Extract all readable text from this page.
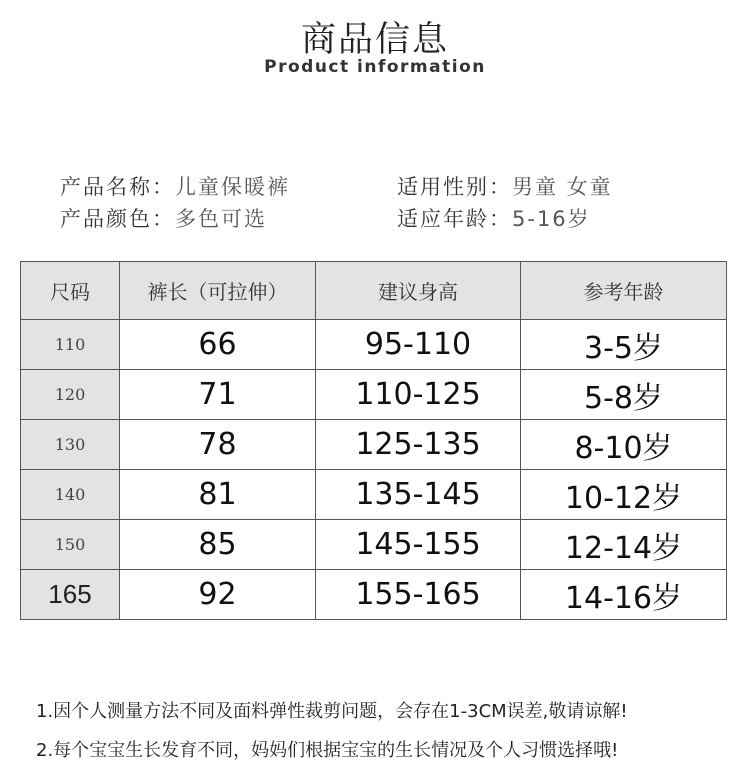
商品信息
Product information
产品名称：儿童保暖裤	适用性别：男童 女童
产品颜色：多色可选	适应年龄：5-16岁
尺码	裤长（可拉伸）	建议身高	参考年龄
110	66	95-110	3-5岁
120	71	110-125	5-8岁
130	78	125-135	8-10岁
140	81	135-145	10-12岁
150	85	145-155	12-14岁
165	92	155-165	14-16岁
1.因个人测量方法不同及面料弹性裁剪问题，会存在1-3CM误差,敬请谅解!
2.每个宝宝生长发育不同，妈妈们根据宝宝的生长情况及个人习惯选择哦!
